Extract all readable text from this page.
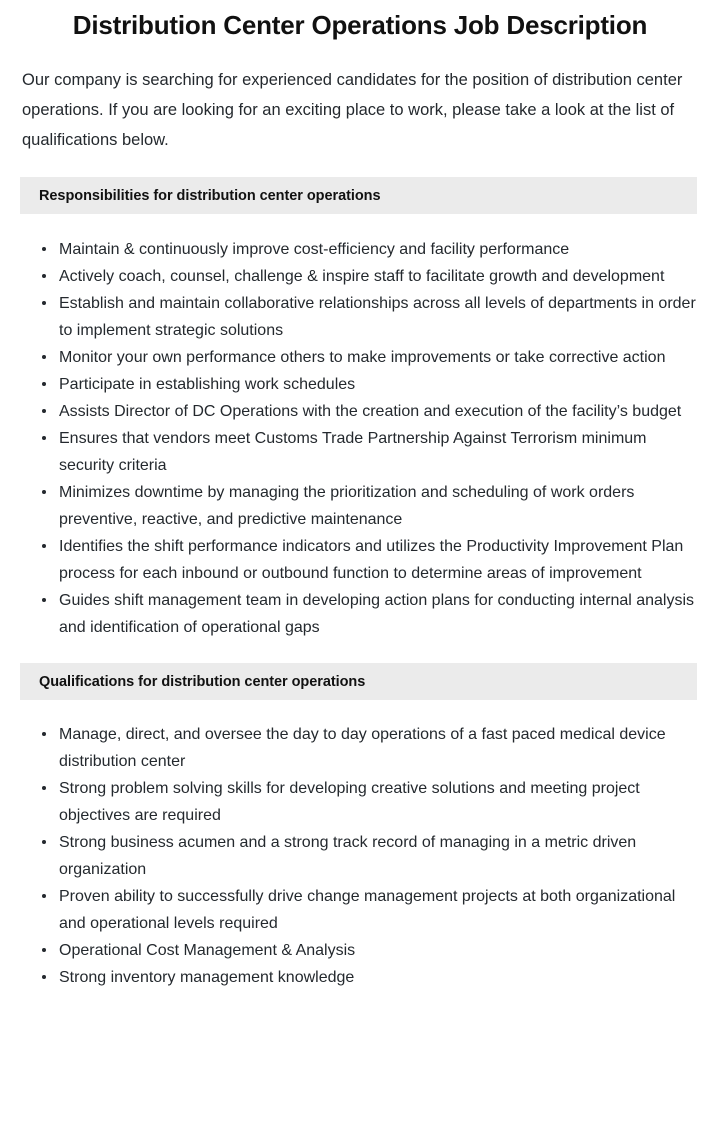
Distribution Center Operations Job Description

Our company is searching for experienced candidates for the position of distribution center operations. If you are looking for an exciting place to work, please take a look at the list of qualifications below.

Responsibilities for distribution center operations
Maintain & continuously improve cost-efficiency and facility performance
Actively coach, counsel, challenge & inspire staff to facilitate growth and development
Establish and maintain collaborative relationships across all levels of departments in order to implement strategic solutions
Monitor your own performance others to make improvements or take corrective action
Participate in establishing work schedules
Assists Director of DC Operations with the creation and execution of the facility’s budget
Ensures that vendors meet Customs Trade Partnership Against Terrorism minimum security criteria
Minimizes downtime by managing the prioritization and scheduling of work orders preventive, reactive, and predictive maintenance
Identifies the shift performance indicators and utilizes the Productivity Improvement Plan process for each inbound or outbound function to determine areas of improvement
Guides shift management team in developing action plans for conducting internal analysis and identification of operational gaps
Qualifications for distribution center operations
Manage, direct, and oversee the day to day operations of a fast paced medical device distribution center
Strong problem solving skills for developing creative solutions and meeting project objectives are required
Strong business acumen and a strong track record of managing in a metric driven organization
Proven ability to successfully drive change management projects at both organizational and operational levels required
Operational Cost Management & Analysis
Strong inventory management knowledge
